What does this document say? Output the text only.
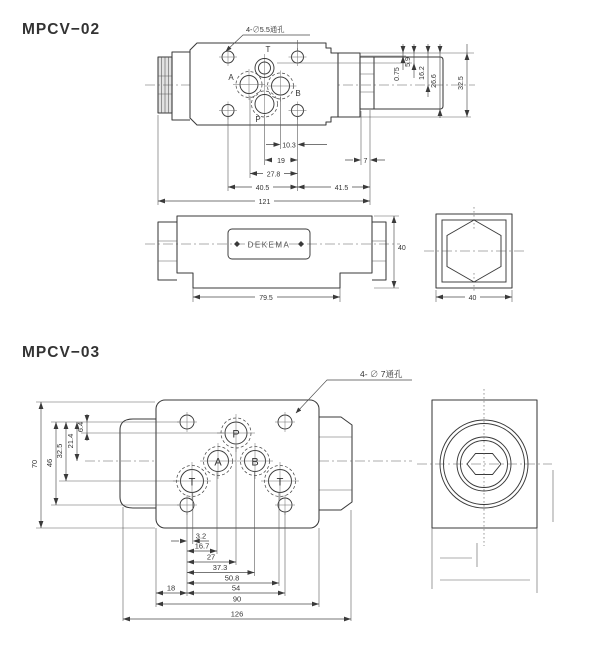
MPCV−02
T
A
B
P
4-∅5.5通孔
0.75
5.9
16.2
26.6	32.5
10.3
19	7
27.8
40.5	41.5
121
DEKEMA
79.5
40
40
MPCV−03
P
A	B
T	T
4- ∅ 7通孔
70 46
32.5
21.4
6.4
3.2
16.7
27
37.3
50.8
18	54
90
126
